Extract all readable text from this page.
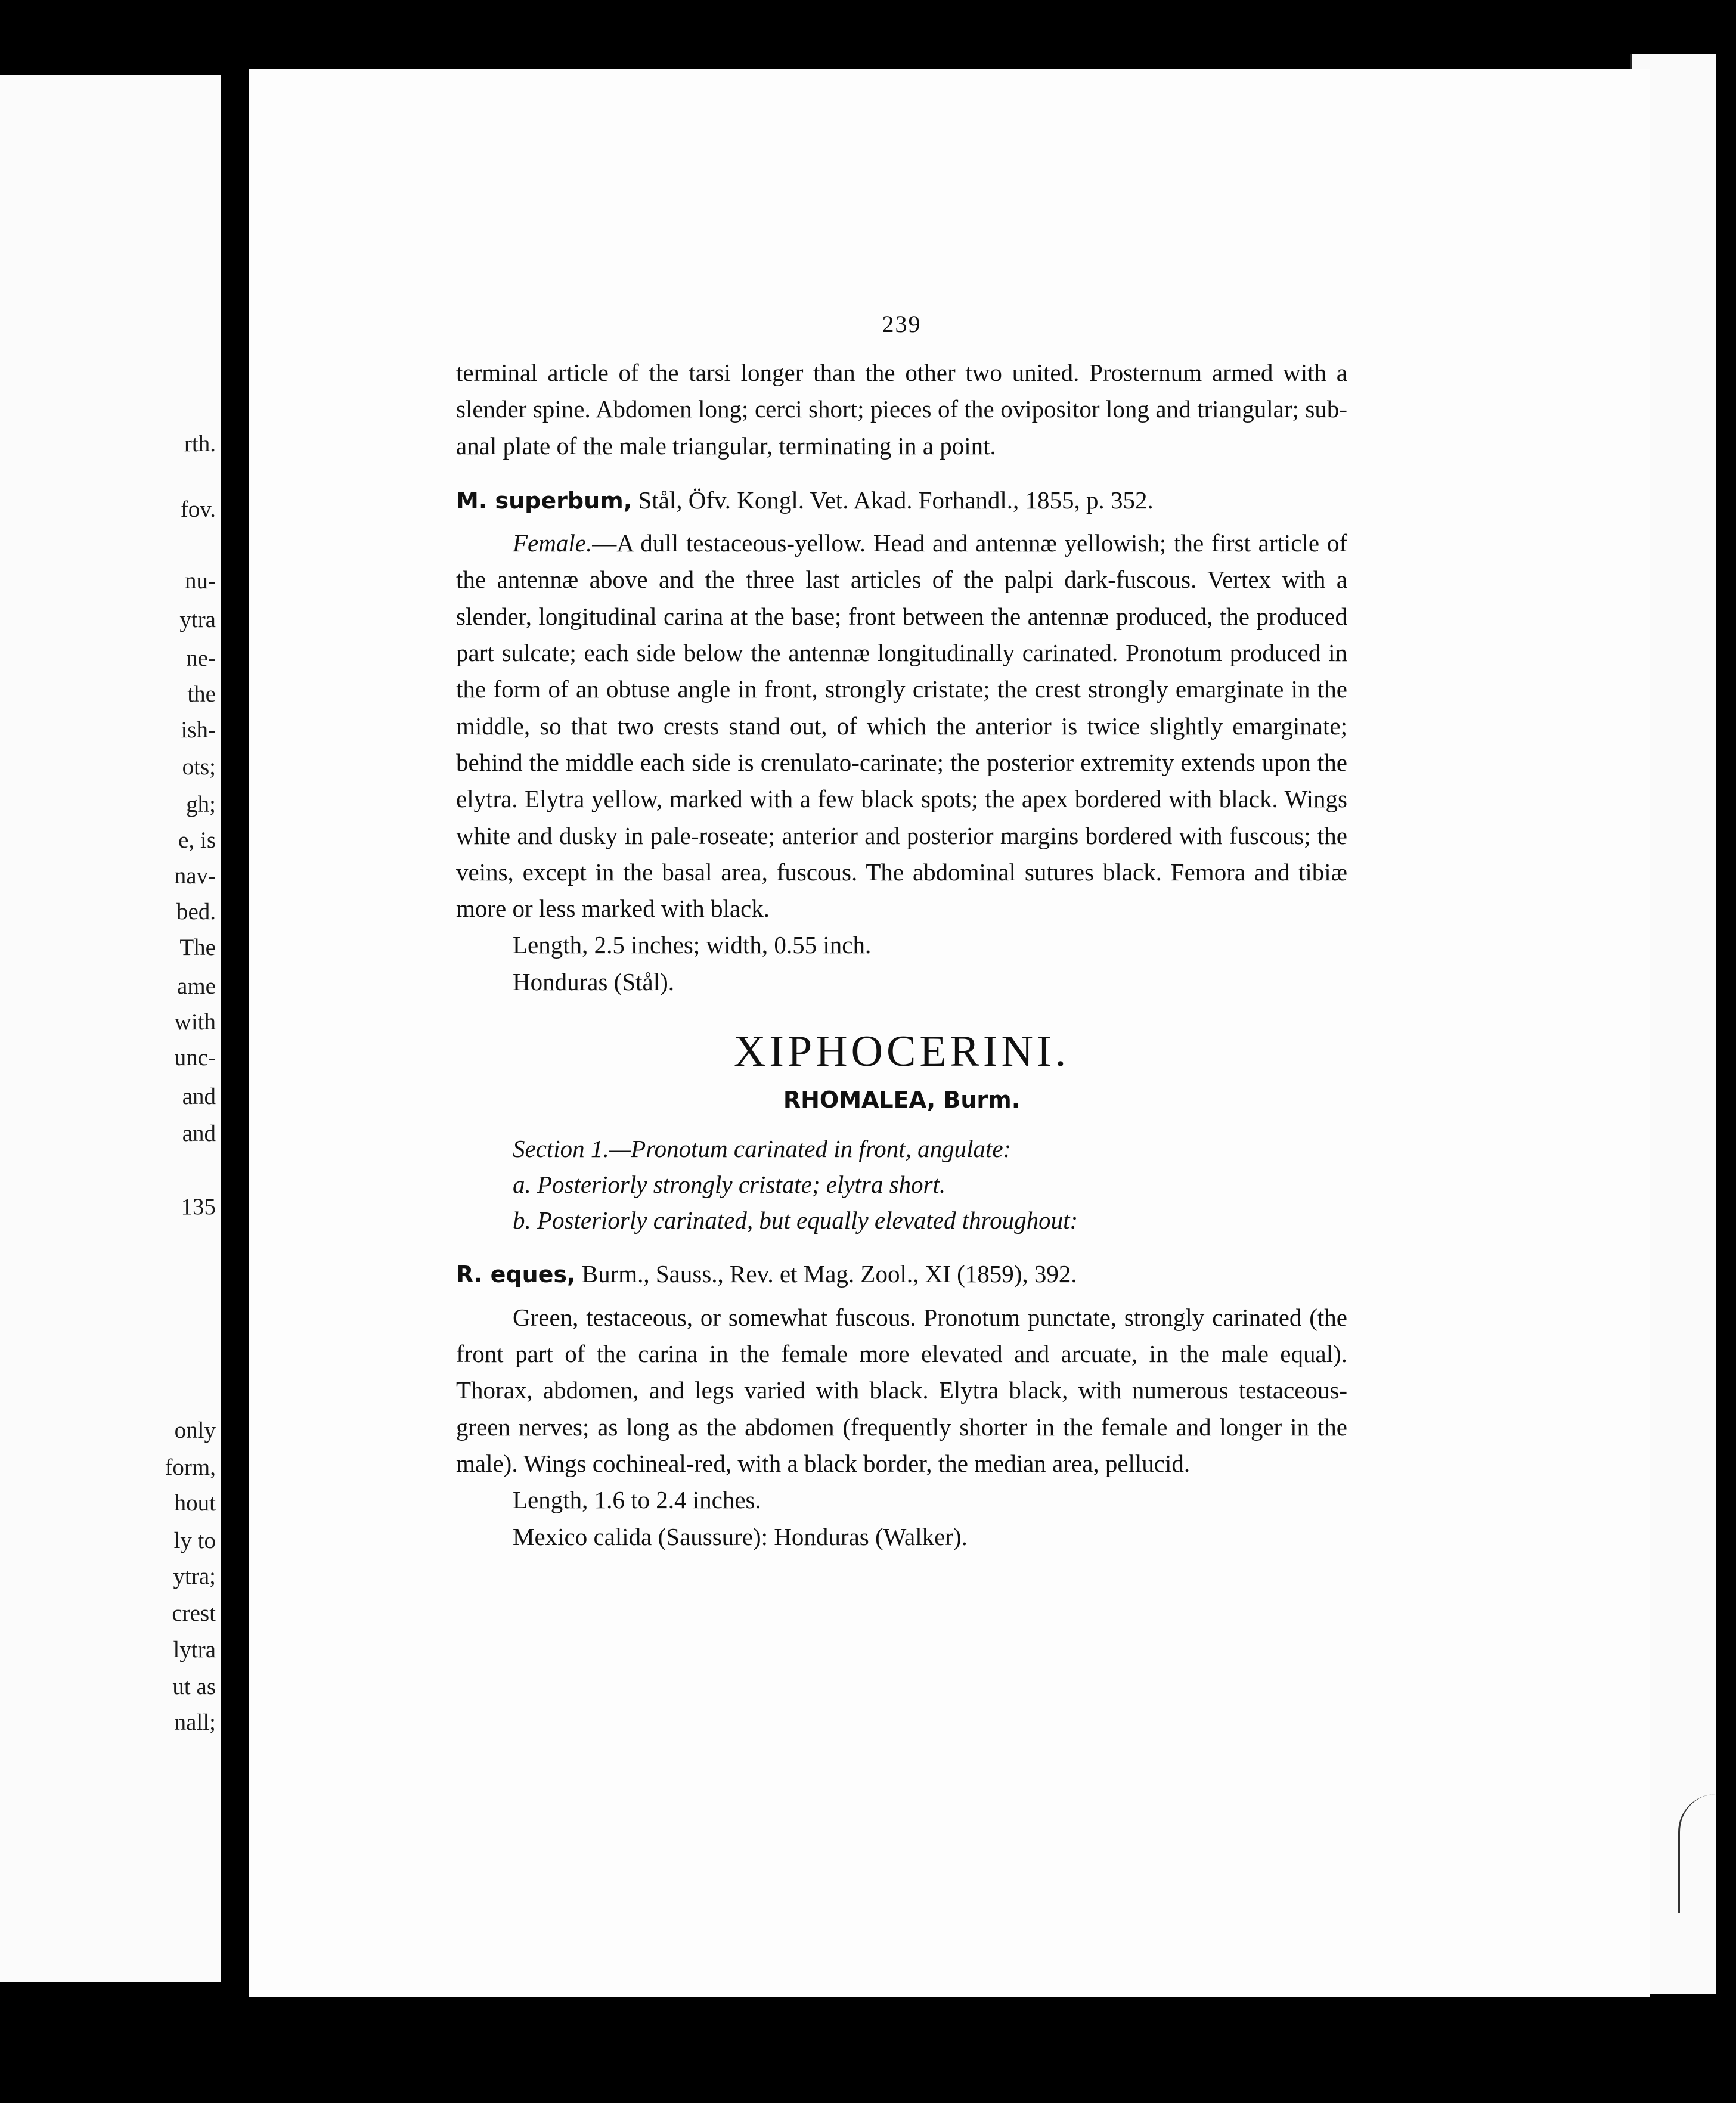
rth.
fov.
nu-
ytra
ne-
the
ish-
ots;
gh;
e, is
nav-
bed.
The
ame
with
unc-
and
and
135
only
form,
hout
ly to
ytra;
crest
lytra
ut as
nall;
239

terminal article of the tarsi longer than the other two united. Prosternum armed with a slender spine. Abdomen long; cerci short; pieces of the ovipositor long and triangular; sub-anal plate of the male triangular, terminating in a point.

M. superbum, Stål, Öfv. Kongl. Vet. Akad. Forhandl., 1855, p. 352.

Female.—A dull testaceous-yellow. Head and antennæ yellowish; the first article of the antennæ above and the three last articles of the palpi dark-fuscous. Vertex with a slender, longitudinal carina at the base; front between the antennæ produced, the produced part sulcate; each side below the antennæ longitudinally carinated. Pronotum produced in the form of an obtuse angle in front, strongly cristate; the crest strongly emarginate in the middle, so that two crests stand out, of which the anterior is twice slightly emarginate; behind the middle each side is crenulato-carinate; the posterior extremity extends upon the elytra. Elytra yellow, marked with a few black spots; the apex bordered with black. Wings white and dusky in pale-roseate; anterior and posterior margins bordered with fuscous; the veins, except in the basal area, fuscous. The abdominal sutures black. Femora and tibiæ more or less marked with black.

Length, 2.5 inches; width, 0.55 inch.

Honduras (Stål).

XIPHOCERINI.
RHOMALEA, Burm.
Section 1.—Pronotum carinated in front, angulate:
a. Posteriorly strongly cristate; elytra short.
b. Posteriorly carinated, but equally elevated throughout:

R. eques, Burm., Sauss., Rev. et Mag. Zool., XI (1859), 392.

Green, testaceous, or somewhat fuscous. Pronotum punctate, strongly carinated (the front part of the carina in the female more elevated and arcuate, in the male equal). Thorax, abdomen, and legs varied with black. Elytra black, with numerous testaceous-green nerves; as long as the abdomen (frequently shorter in the female and longer in the male). Wings cochineal-red, with a black border, the median area, pellucid.

Length, 1.6 to 2.4 inches.

Mexico calida (Saussure): Honduras (Walker).
